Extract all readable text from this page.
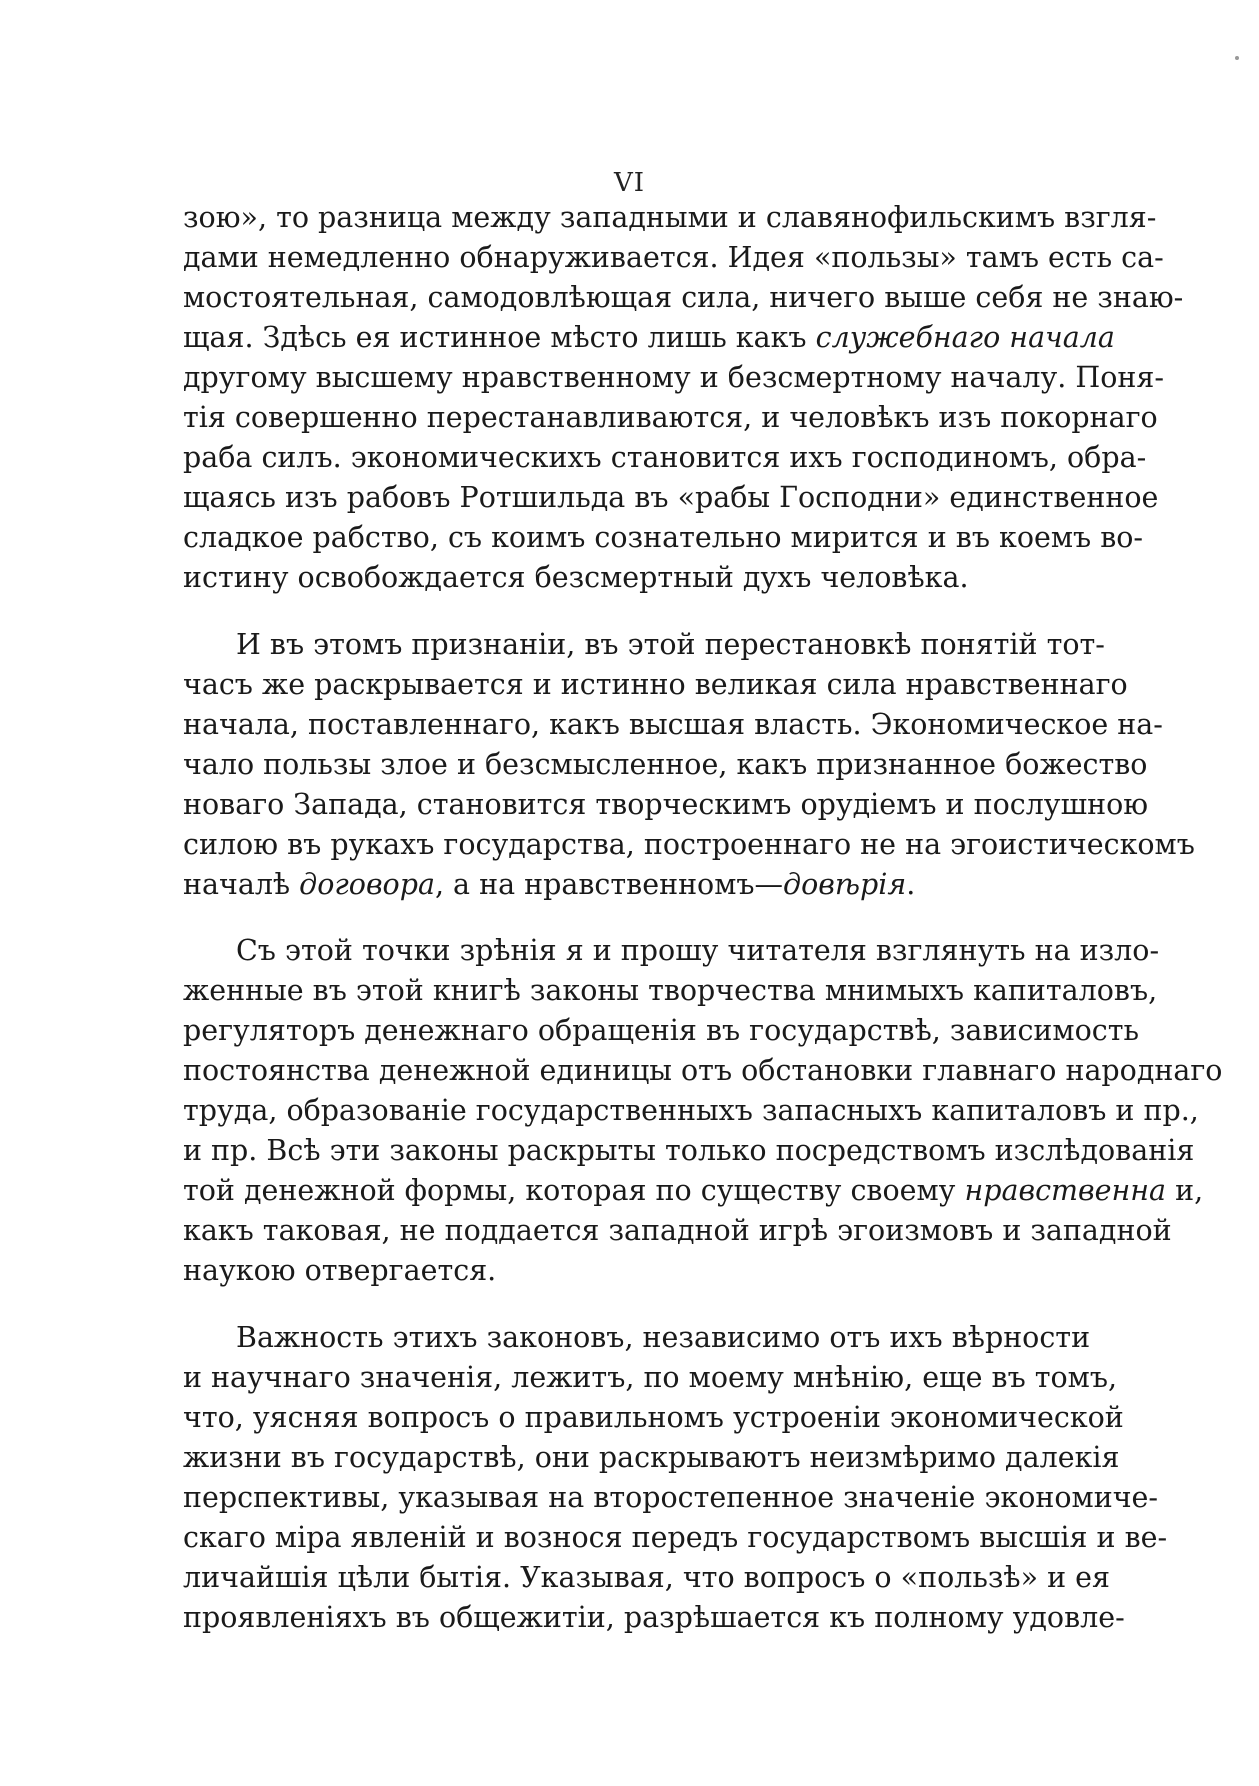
VI
зою», то разница между западными и славянофильскимъ взгля-
дами немедленно обнаруживается. Идея «пользы» тамъ есть са-
мостоятельная, самодовлѣющая сила, ничего выше себя не знаю-
щая. Здѣсь ея истинное мѣсто лишь какъ служебнаго начала
другому высшему нравственному и безсмертному началу. Поня-
тія совершенно перестанавливаются, и человѣкъ изъ покорнаго
раба силъ. экономическихъ становится ихъ господиномъ, обра-
щаясь изъ рабовъ Ротшильда въ «рабы Господни» единственное
сладкое рабство, съ коимъ сознательно мирится и въ коемъ во-
истину освобождается безсмертный духъ человѣка.
И въ этомъ признаніи, въ этой перестановкѣ понятій тот-
часъ же раскрывается и истинно великая сила нравственнаго
начала, поставленнаго, какъ высшая власть. Экономическое на-
чало пользы злое и безсмысленное, какъ признанное божество
новаго Запада, становится творческимъ орудіемъ и послушною
силою въ рукахъ государства, построеннаго не на эгоистическомъ
началѣ договора, а на нравственномъ—довѣрія.
Съ этой точки зрѣнія я и прошу читателя взглянуть на изло-
женные въ этой книгѣ законы творчества мнимыхъ капиталовъ,
регуляторъ денежнаго обращенія въ государствѣ, зависимость
постоянства денежной единицы отъ обстановки главнаго народнаго
труда, образованіе государственныхъ запасныхъ капиталовъ и пр.,
и пр. Всѣ эти законы раскрыты только посредствомъ изслѣдованія
той денежной формы, которая по существу своему нравственна и,
какъ таковая, не поддается западной игрѣ эгоизмовъ и западной
наукою отвергается.
Важность этихъ законовъ, независимо отъ ихъ вѣрности
и научнаго значенія, лежитъ, по моему мнѣнію, еще въ томъ,
что, уясняя вопросъ о правильномъ устроеніи экономической
жизни въ государствѣ, они раскрываютъ неизмѣримо далекія
перспективы, указывая на второстепенное значеніе экономиче-
скаго міра явленій и вознося передъ государствомъ высшія и ве-
личайшія цѣли бытія. Указывая, что вопросъ о «пользѣ» и ея
проявленіяхъ въ общежитіи, разрѣшается къ полному удовле-
